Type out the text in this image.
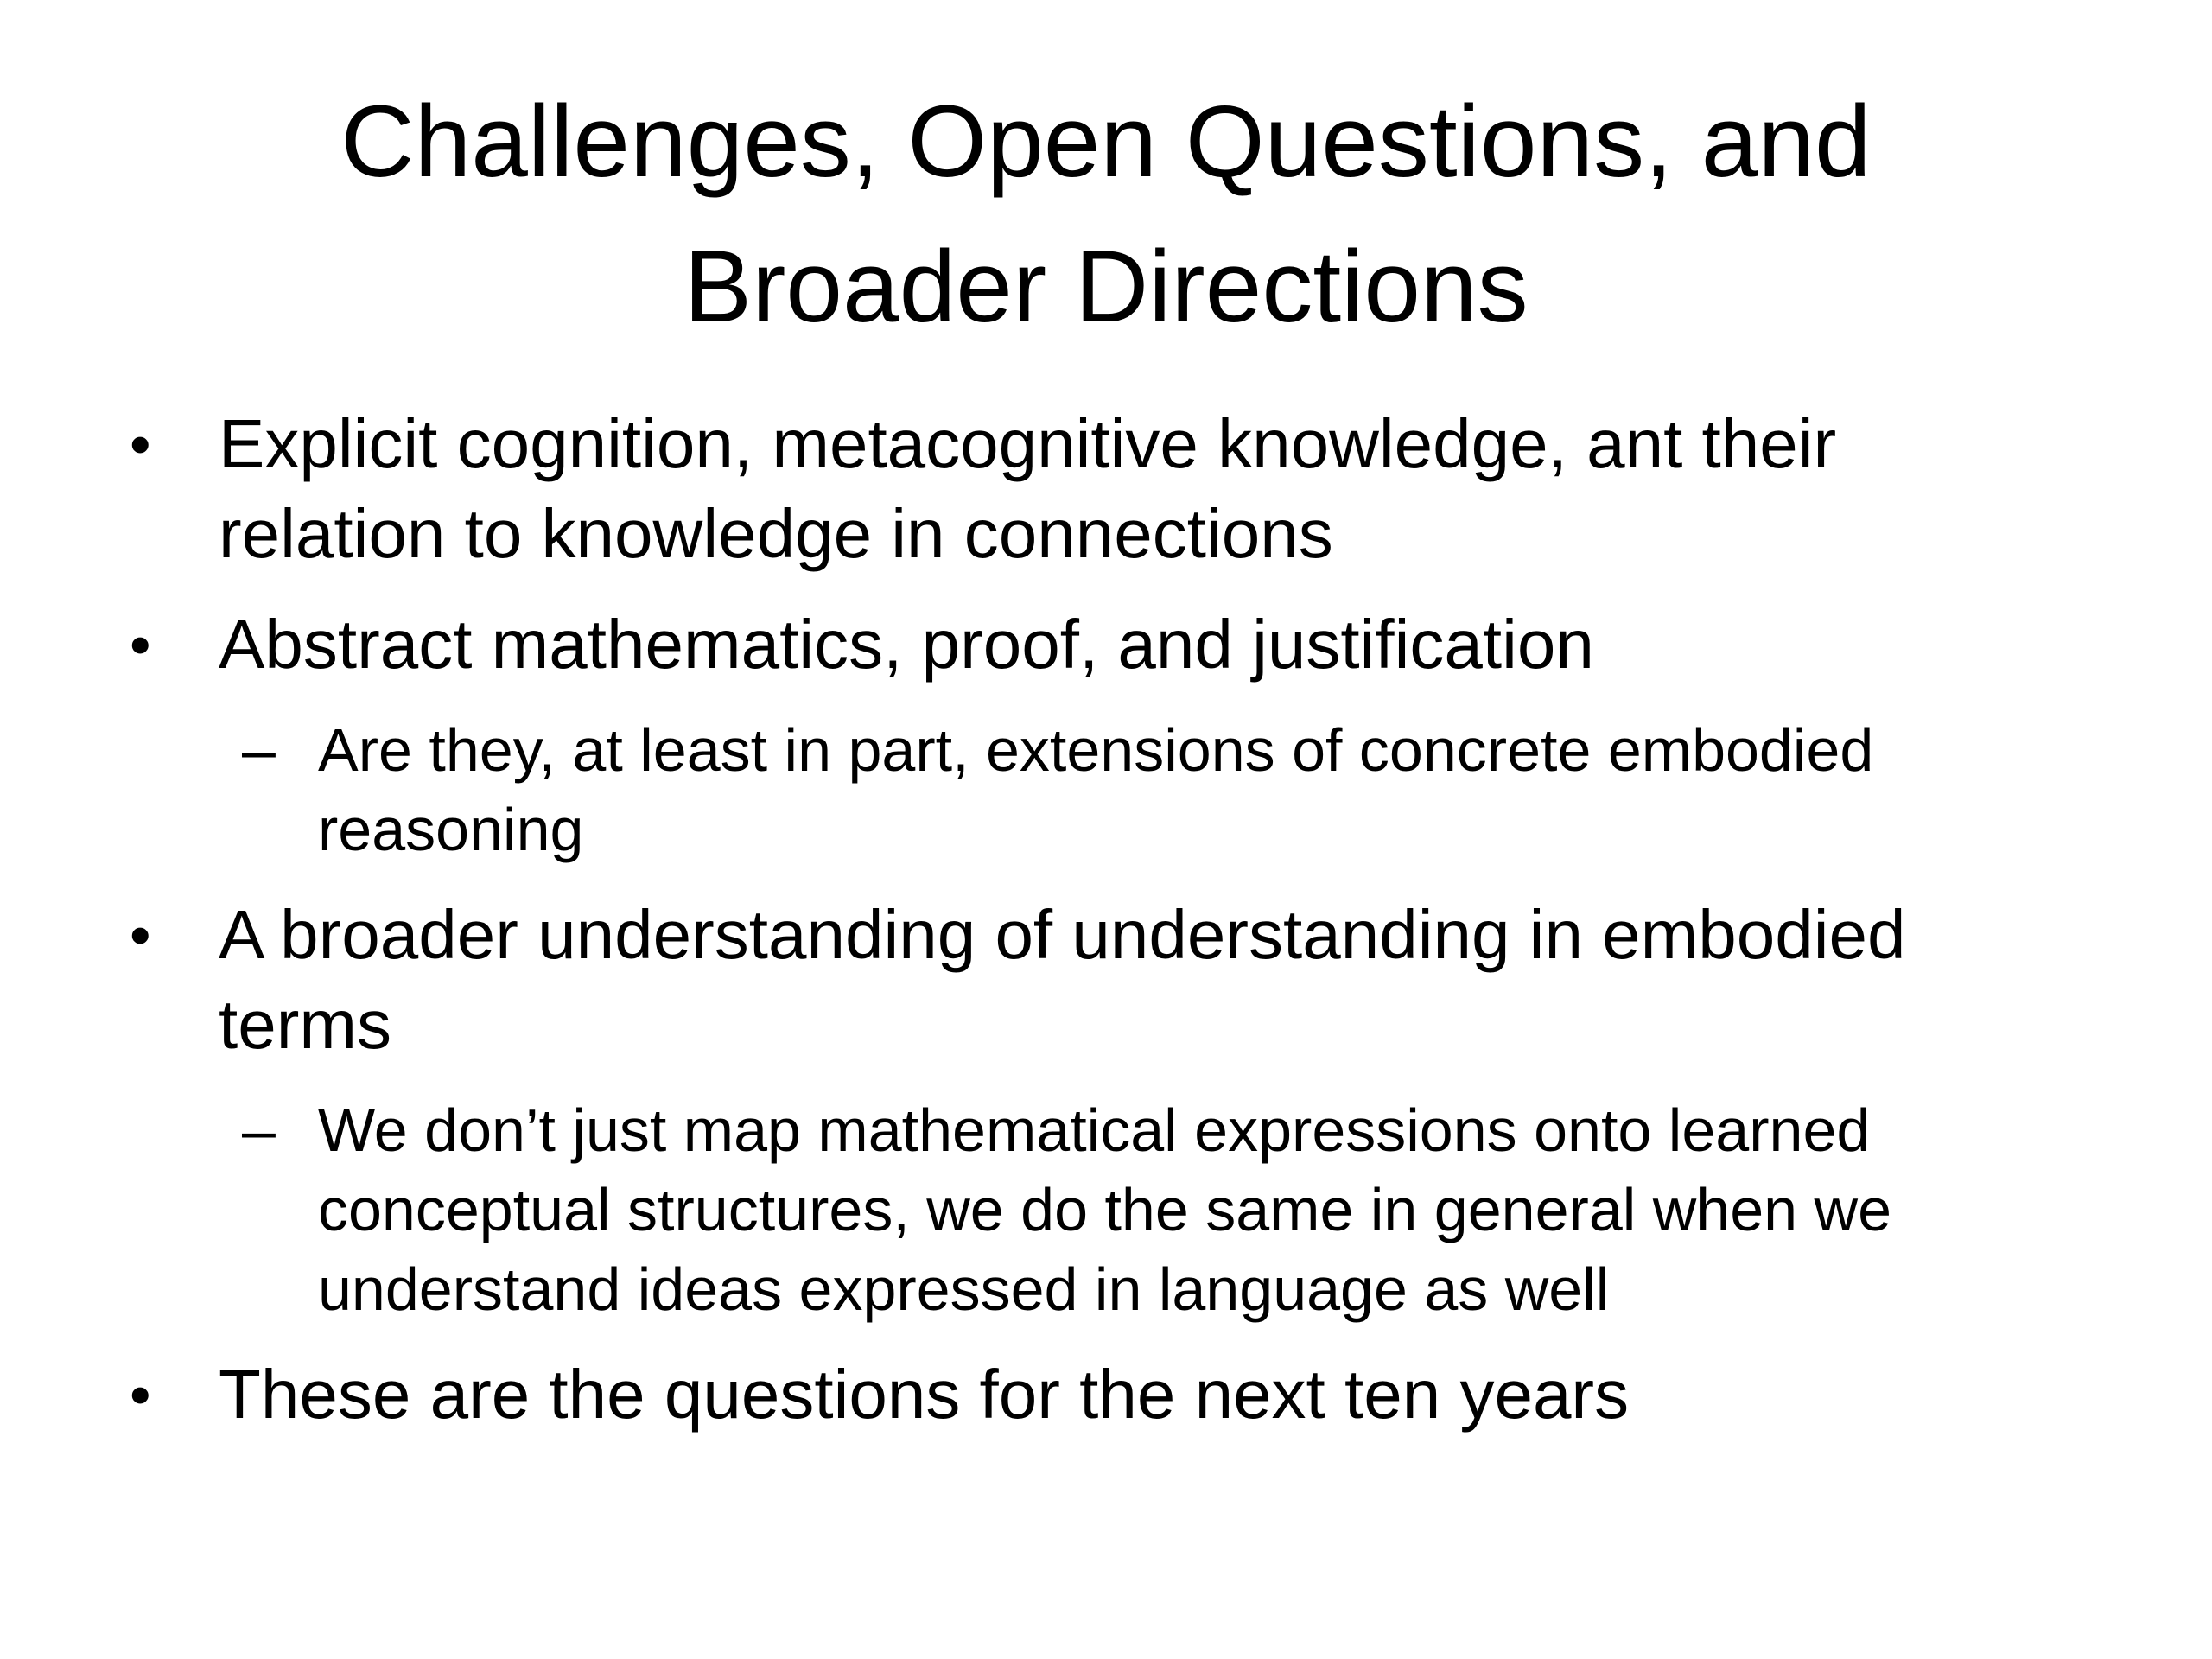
Challenges, Open Questions, and Broader Directions
• Explicit cognition, metacognitive knowledge, ant their relation to knowledge in connections
• Abstract mathematics, proof, and justification
– Are they, at least in part, extensions of concrete embodied reasoning
• A broader understanding of understanding in embodied terms
– We don’t just map mathematical expressions onto learned conceptual structures, we do the same in general when we understand ideas expressed in language as well
• These are the questions for the next ten years
